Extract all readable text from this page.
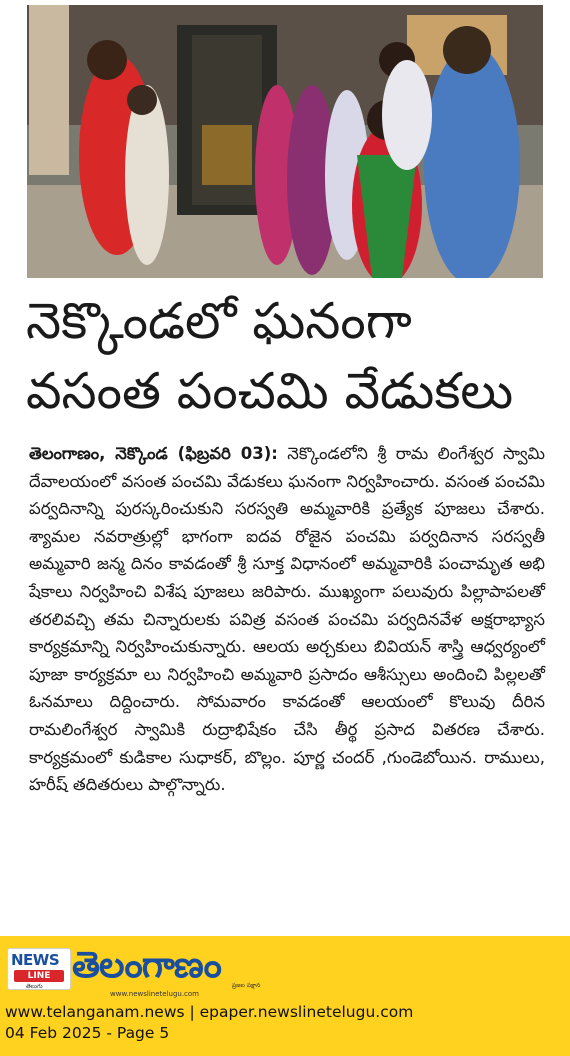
నెక్కొండలో ఘనంగా
వసంత పంచమి వేడుకలు
తెలంగాణం, నెక్కొండ (ఫిబ్రవరి 03): నెక్కొండలోని శ్రీ రామ లింగేశ్వర స్వామి దేవాలయంలో వసంత పంచమి వేడుకలు ఘనంగా నిర్వహించారు. వసంత పంచమి పర్వదినాన్ని పురస్కరించుకుని సరస్వతి అమ్మవారికి ప్రత్యేక పూజలు చేశారు. శ్యామల నవరాత్రుల్లో భాగంగా ఐదవ రోజైన పంచమి పర్వదినాన సరస్వతీ అమ్మవారి జన్మ దినం కావడంతో శ్రీ సూక్త విధానంలో అమ్మవారికి పంచామృత అభి షేకాలు నిర్వహించి విశేష పూజలు జరిపారు. ముఖ్యంగా పలువురు పిల్లాపాపలతో తరలివచ్చి తమ చిన్నారులకు పవిత్ర వసంత పంచమి పర్వదినవేళ అక్షరాభ్యాస కార్యక్రమాన్ని నిర్వహించుకున్నారు. ఆలయ అర్చకులు బివియన్ శాస్త్రి ఆధ్వర్యంలో పూజా కార్యక్రమా లు నిర్వహించి అమ్మవారి ప్రసాదం ఆశీస్సులు అందించి పిల్లలతో ఓనమాలు దిద్దించారు. సోమవారం కావడంతో ఆలయంలో కొలువు దీరిన రామలింగేశ్వర స్వామికి రుద్రాభిషేకం చేసి తీర్థ ప్రసాద వితరణ చేశారు. కార్యక్రమంలో కుడికాల సుధాకర్, బొల్లం. పూర్ణ చందర్ ,గుండెబోయిన. రాములు, హరీష్ తదితరులు పాల్గొన్నారు.
NEWS
LINE
తెలుగు
తెలంగాణం ప్రజల పక్షాన
www.newslinetelugu.com
www.telanganam.news | epaper.newslinetelugu.com
04 Feb 2025 - Page 5
